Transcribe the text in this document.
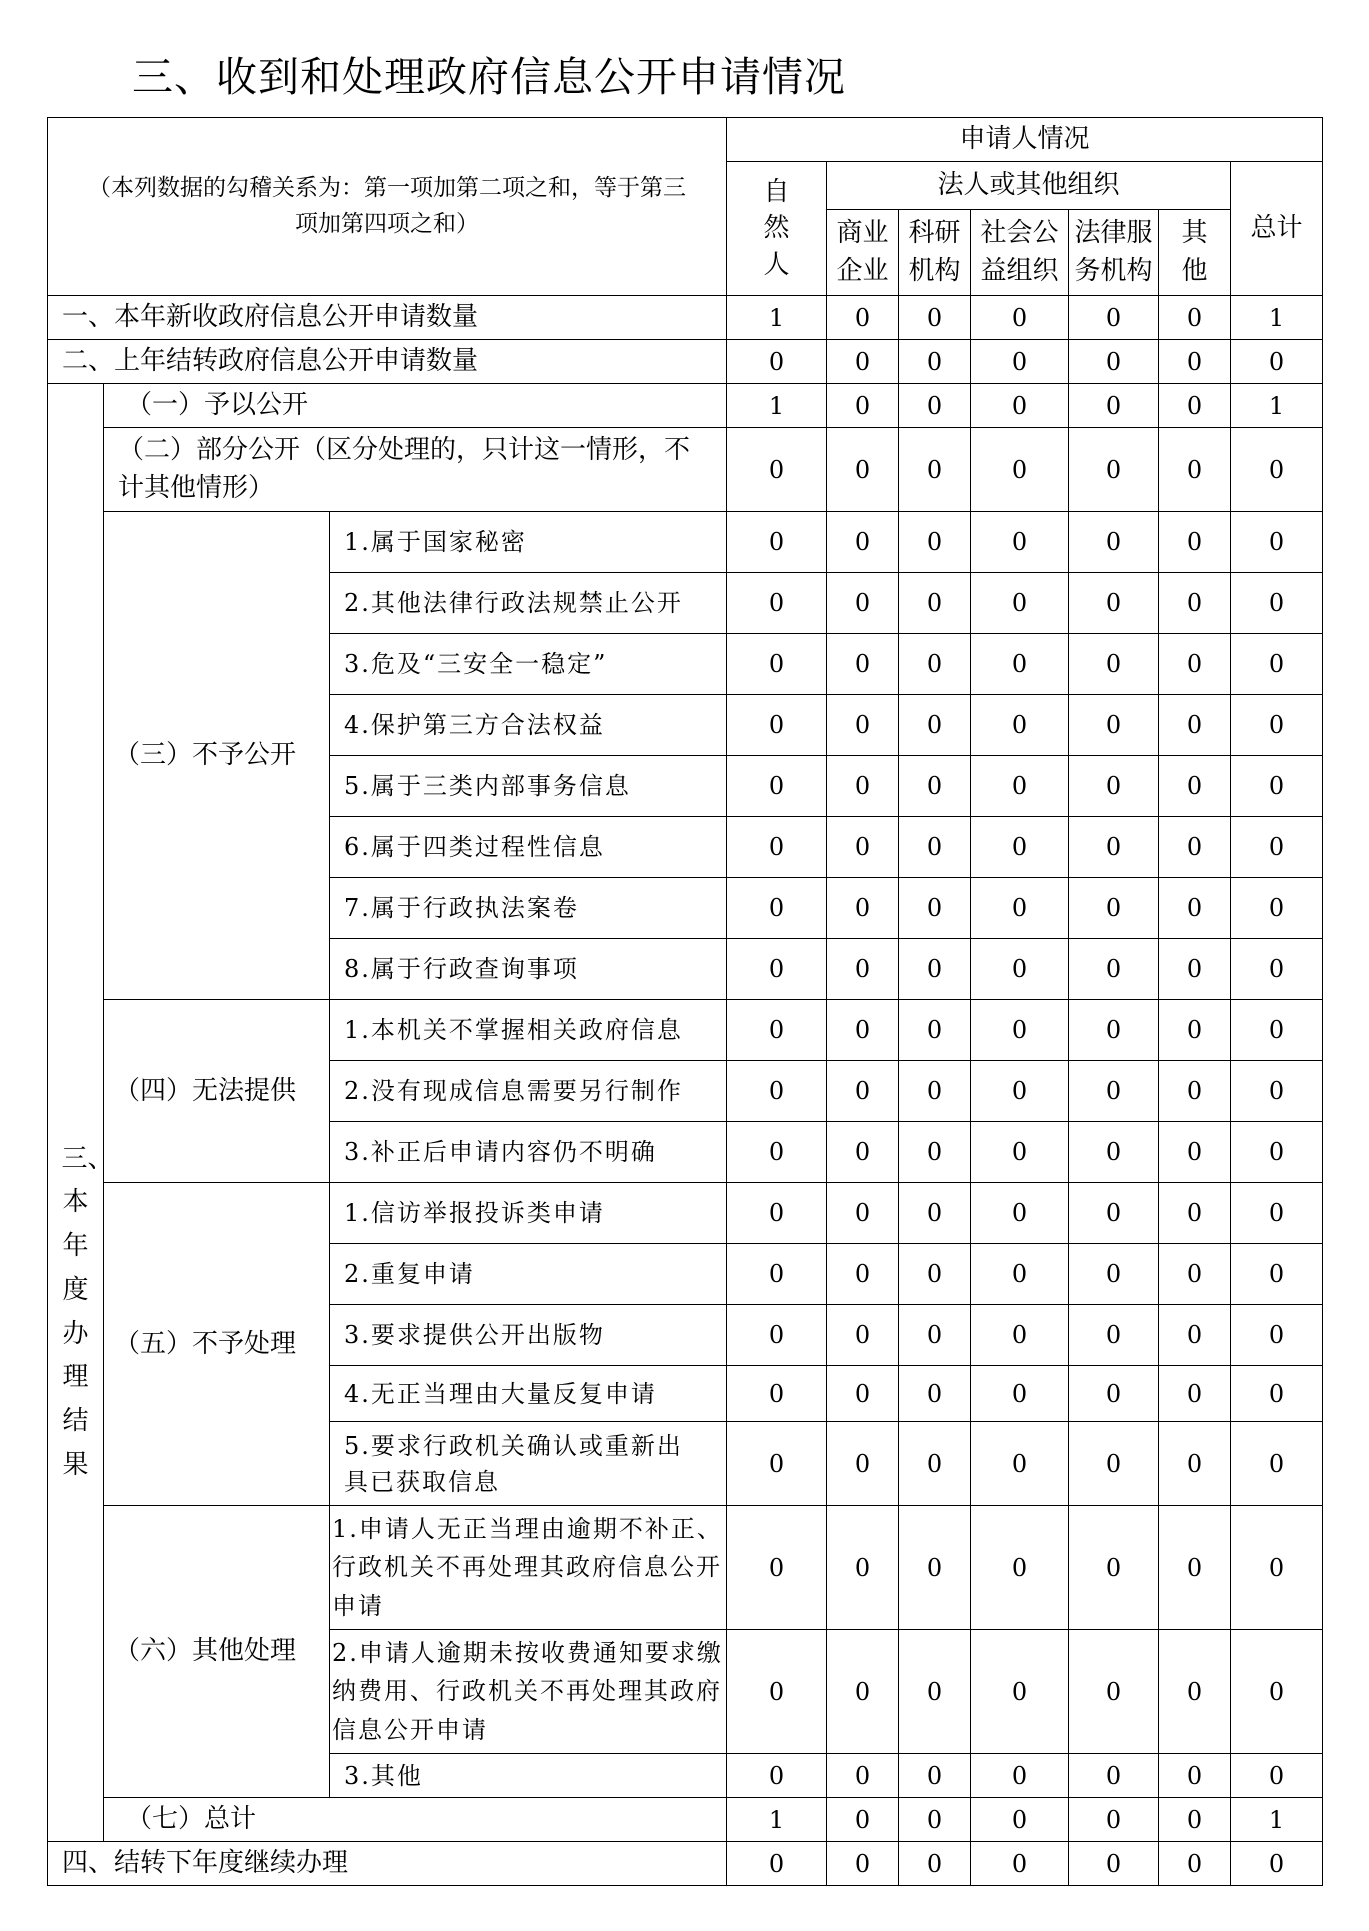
三、收到和处理政府信息公开申请情况
（本列数据的勾稽关系为：第一项加第二项之和，等于第三项加第四项之和）			申请人情况						

			自然人	法人或其他组织					总计

				商业企业	科研机构	社会公益组织	法律服务机构	其他	

一、本年新收政府信息公开申请数量			1	0	0	0	0	0	1
二、上年结转政府信息公开申请数量			0	0	0	0	0	0	0

三、本年度办理结果	（一）予以公开		1	0	0	0	0	0	1
	（二）部分公开（区分处理的，只计这一情形，不计其他情形）		0	0	0	0	0	0	0
	（三）不予公开	1.属于国家秘密	0	0	0	0	0	0	0
		2.其他法律行政法规禁止公开	0	0	0	0	0	0	0
		3.危及“三安全一稳定”	0	0	0	0	0	0	0
		4.保护第三方合法权益	0	0	0	0	0	0	0
		5.属于三类内部事务信息	0	0	0	0	0	0	0
		6.属于四类过程性信息	0	0	0	0	0	0	0
		7.属于行政执法案卷	0	0	0	0	0	0	0
		8.属于行政查询事项	0	0	0	0	0	0	0
	（四）无法提供	1.本机关不掌握相关政府信息	0	0	0	0	0	0	0
		2.没有现成信息需要另行制作	0	0	0	0	0	0	0
		3.补正后申请内容仍不明确	0	0	0	0	0	0	0
	（五）不予处理	1.信访举报投诉类申请	0	0	0	0	0	0	0
		2.重复申请	0	0	0	0	0	0	0
		3.要求提供公开出版物	0	0	0	0	0	0	0
		4.无正当理由大量反复申请	0	0	0	0	0	0	0
		5.要求行政机关确认或重新出具已获取信息	0	0	0	0	0	0	0
	（六）其他处理	1.申请人无正当理由逾期不补正、行政机关不再处理其政府信息公开申请	0	0	0	0	0	0	0
		2.申请人逾期未按收费通知要求缴纳费用、行政机关不再处理其政府信息公开申请	0	0	0	0	0	0	0
		3.其他	0	0	0	0	0	0	0
	（七）总计		1	0	0	0	0	0	1
四、结转下年度继续办理			0	0	0	0	0	0	0
